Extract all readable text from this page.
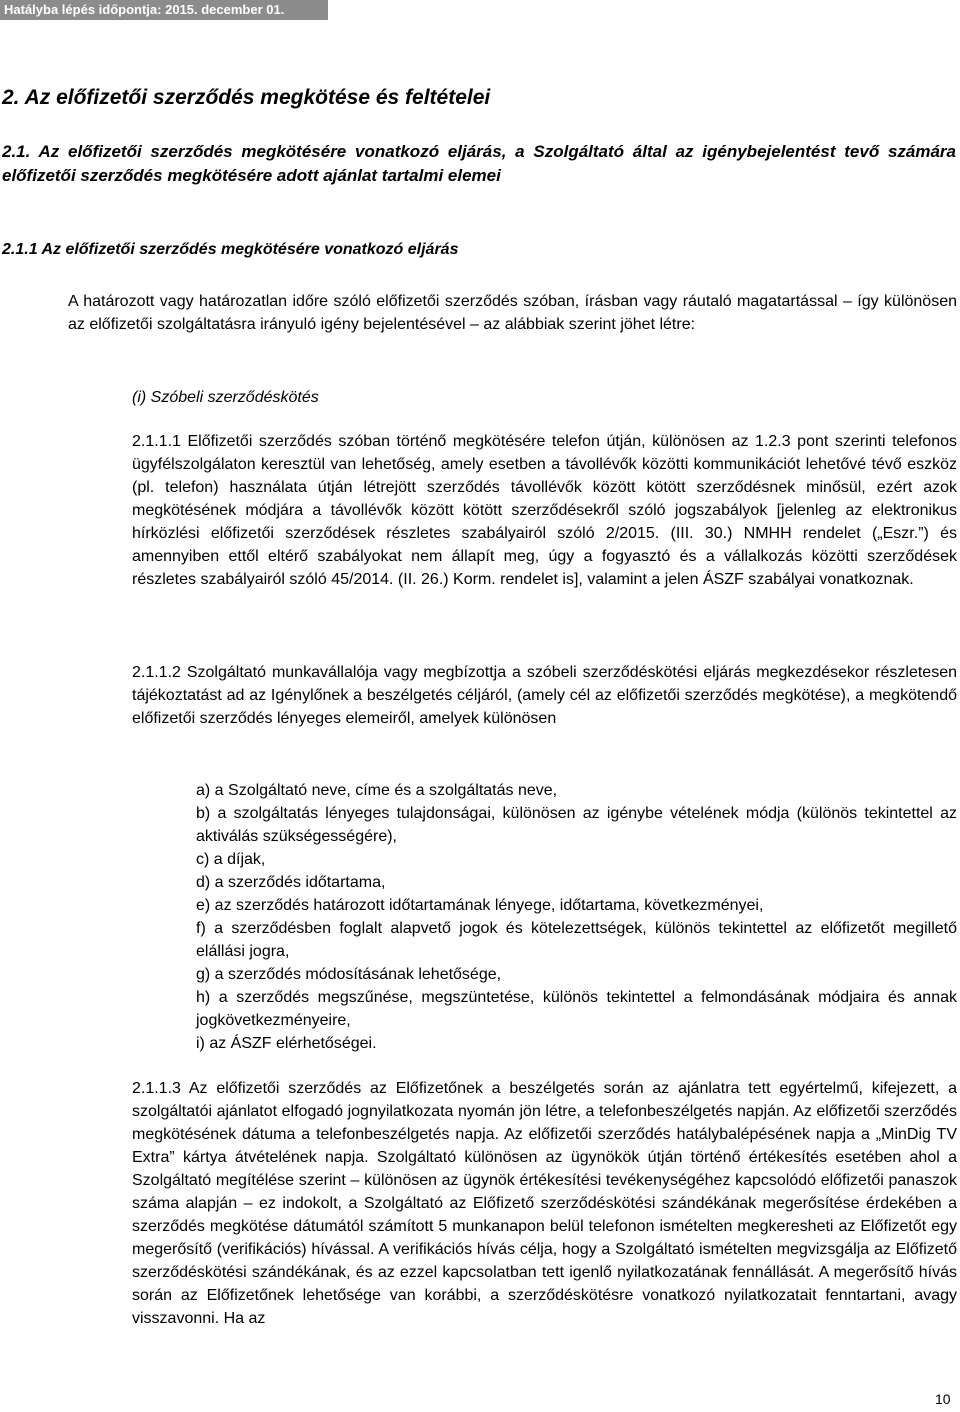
Hatályba lépés időpontja: 2015. december 01.
2. Az előfizetői szerződés megkötése és feltételei
2.1. Az előfizetői szerződés megkötésére vonatkozó eljárás, a Szolgáltató által az igénybejelentést tevő számára előfizetői szerződés megkötésére adott ajánlat tartalmi elemei
2.1.1 Az előfizetői szerződés megkötésére vonatkozó eljárás

A határozott vagy határozatlan időre szóló előfizetői szerződés szóban, írásban vagy ráutaló magatartással ‒ így különösen az előfizetői szolgáltatásra irányuló igény bejelentésével ‒ az alábbiak szerint jöhet létre:

(i) Szóbeli szerződéskötés

2.1.1.1 Előfizetői szerződés szóban történő megkötésére telefon útján, különösen az 1.2.3 pont szerinti telefonos ügyfélszolgálaton keresztül van lehetőség, amely esetben a távollévők közötti kommunikációt lehetővé tévő eszköz (pl. telefon) használata útján létrejött szerződés távollévők között kötött szerződésnek minősül, ezért azok megkötésének módjára a távollévők között kötött szerződésekről szóló jogszabályok [jelenleg az elektronikus hírközlési előfizetői szerződések részletes szabályairól szóló 2/2015. (III. 30.) NMHH rendelet („Eszr.”) és amennyiben ettől eltérő szabályokat nem állapít meg, úgy a fogyasztó és a vállalkozás közötti szerződések részletes szabályairól szóló 45/2014. (II. 26.) Korm. rendelet is], valamint a jelen ÁSZF szabályai vonatkoznak.

2.1.1.2 Szolgáltató munkavállalója vagy megbízottja a szóbeli szerződéskötési eljárás megkezdésekor részletesen tájékoztatást ad az Igénylőnek a beszélgetés céljáról, (amely cél az előfizetői szerződés megkötése), a megkötendő előfizetői szerződés lényeges elemeiről, amelyek különösen

a) a Szolgáltató neve, címe és a szolgáltatás neve,
b) a szolgáltatás lényeges tulajdonságai, különösen az igénybe vételének módja (különös tekintettel az aktiválás szükségességére),
c) a díjak,
d) a szerződés időtartama,
e) az szerződés határozott időtartamának lényege, időtartama, következményei,
f) a szerződésben foglalt alapvető jogok és kötelezettségek, különös tekintettel az előfizetőt megillető elállási jogra,
g) a szerződés módosításának lehetősége,
h) a szerződés megszűnése, megszüntetése, különös tekintettel a felmondásának módjaira és annak jogkövetkezményeire,
i) az ÁSZF elérhetőségei.

2.1.1.3 Az előfizetői szerződés az Előfizetőnek a beszélgetés során az ajánlatra tett egyértelmű, kifejezett, a szolgáltatói ajánlatot elfogadó jognyilatkozata nyomán jön létre, a telefonbeszélgetés napján. Az előfizetői szerződés megkötésének dátuma a telefonbeszélgetés napja. Az előfizetői szerződés hatálybalépésének napja a „MinDig TV Extra” kártya átvételének napja. Szolgáltató különösen az ügynökök útján történő értékesítés esetében ahol a Szolgáltató megítélése szerint ‒ különösen az ügynök értékesítési tevékenységéhez kapcsolódó előfizetői panaszok száma alapján ‒ ez indokolt, a Szolgáltató az Előfizető szerződéskötési szándékának megerősítése érdekében a szerződés megkötése dátumától számított 5 munkanapon belül telefonon ismételten megkeresheti az Előfizetőt egy megerősítő (verifikációs) hívással. A verifikációs hívás célja, hogy a Szolgáltató ismételten megvizsgálja az Előfizető szerződéskötési szándékának, és az ezzel kapcsolatban tett igenlő nyilatkozatának fennállását. A megerősítő hívás során az Előfizetőnek lehetősége van korábbi, a szerződéskötésre vonatkozó nyilatkozatait fenntartani, avagy visszavonni. Ha az

10
